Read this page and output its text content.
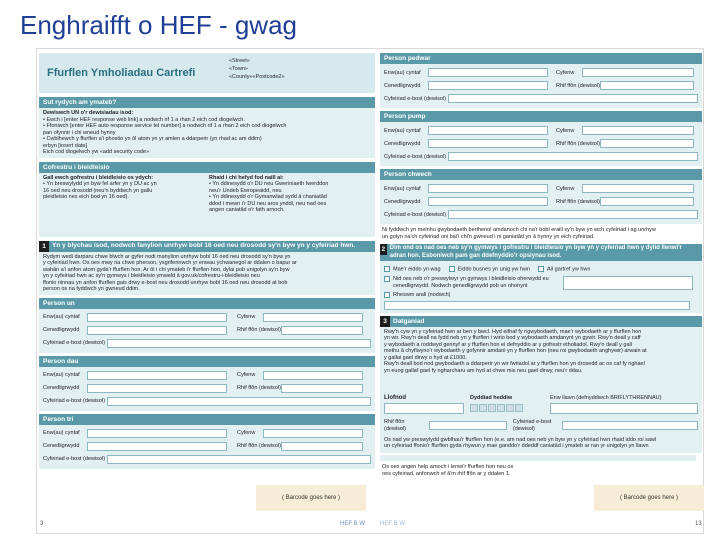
Enghraifft o HEF - gwag
Ffurflen Ymholiadau Cartrefi
«Street»
«Town»
«County»«Postcode2»
Sut rydych am ymateb?
Dewiswch UN o'r dewisiadau isod:
• Ewch i [enter HEF response web link] a nodwch rif 1 a rhan 2 eich cod diogelwch.
• Ffoniwch [enter HEF auto response service tel number] a nodwch rif 1 a rhan 2 eich cod diogelwch
pan ofynnir i chi wneud hynny
• Cwblhewch y ffurflen a'i phostio yn ôl atom yn yr amlen a ddarperir (yn rhad ac am ddim)
erbyn [insert date]
Eich cod diogelwch yw «add security code»
Cofrestru i bleidleisio
Gall ewch gofrestru i bleidleisio os ydych:
• Yn breswylydd yn byw fel arfer yn y DU ac yn
16 oed neu drosodd (neu'n byddwch yn gallu
pleidleisio nes eich bod yn 16 oed).
Rhaid i chi hefyd fod naill ai:
• Yn ddinesydd o'r DU neu Gweriniaeth Iwerddon
neu'r Undeb Ewropeaidd, neu
• Yn ddinesydd o'r Gymanwlad sydd â chaniatâd
ddod i mewn i'r DU neu aros ynddi, neu nad oes
angen caniatâd o'r fath arnoch.
1 Yn y blychau isod, nodwch fanylion unrhyw bobl 16 oed neu drosodd sy'n byw yn y cyfeiriad hwn.
Rydym wedi darparu chwe blwch ar gyfer nodi manylion unrhyw bobl 16 oed neu drosodd sy'n byw yn
y cyfeiriad hwn. Os oes mwy na chwe pherson, ysgrifennwch yr enwau ychwanegol ar ddalen o bapur ar
wahân a'i anfon atom gyda'r ffurflen hon. Ar ôl i chi ymateb i'r ffurflen hon, dylai pob unigolyn sy'n byw
yn y cyfeiriad hwn ac sy'n gymwys i bleidleisio ymweld â gov.uk/cofrestru-i-bleidleisio neu
ffonio ninnau yn anfon ffurflen gais drwy e-bost neu drosodd unrhyw bobl 16 oed neu drosodd at bob
person os na fyddwch yn gwneud ddim.
Person un
Enw(au) cyntaf	Cyfenw
Cenedligrwydd	Rhif ffôn (dewisol)
Cyfeiriad e-bost (dewisol)
Person dau
Enw(au) cyntaf	Cyfenw
Cenedligrwydd	Rhif ffôn (dewisol)
Cyfeiriad e-bost (dewisol)
Person tri
Enw(au) cyntaf	Cyfenw
Cenedligrwydd	Rhif ffôn (dewisol)
Cyfeiriad e-bost (dewisol)
Person pedwar
Enw(au) cyntaf	Cyfenw
Cenedligrwydd	Rhif ffôn (dewisol)
Cyfeiriad e-bost (dewisol)
Person pump
Enw(au) cyntaf	Cyfenw
Cenedligrwydd	Rhif ffôn (dewisol)
Cyfeiriad e-bost (dewisol)
Person chwech
Enw(au) cyntaf	Cyfenw
Cenedligrwydd	Rhif ffôn (dewisol)
Cyfeiriad e-bost (dewisol)
Ni fyddwch yn meinhu gwybodaeth berthenol amdanoch chi na'r bobl eraill sy'n byw yn eich cyfeiriad i ag unrhyw
un golyn na'ch cyfeiriad oni bai'i chi'n gwneud i ni ganiatâd yn â hynny yn eich cyfeiriad.
2 Dim ond os nad oes neb sy'n gymwys i gofrestru i bleidleisio yn byw yn y cyfeiriad hwn y dylid llenwi'r adran hon. Esboniwch pam gan ddefnyddio'r opsiynau isod.
Mae'r eiddo yn wag	Eiddo busnes yn unig yw hwn	Ail gartref yw hwn
Nid oes neb o'r preswylwyr yn gymwys i bleidleisio oherwydd eu cenedligrwydd. Nodwch genedligrwydd pob un ohonynt
Rheswm arall (nodwch)
3 Datganiad
Rwy'n cyw yn y cyfeiriad hwn ar ben y bwcl. Hyd eithaf fy ngwybodaeth, mae'r wybodaeth ar y ffurflen hon
yn wir. Rwy'n deall na fydd neb yn y ffurflen i wirio bod y wybodaeth amdanynt yn gywir. Rwy'n deall y caff
y wybodaeth a roddwyd gennyf ar y ffurflen hon ei defnyddio ar y gofrestr etholiadol. Rwy'n deall y gall
methu â chyflwyno'r wybodaeth y gofynnir amdani yn y ffurflen hon (neu roi gwybodaeth anghywir) arwain at
y gallai gael dirwy o hyd at £1000.
Rwy'n deall bod nod gwybodaeth a ddarperir yn wir fwriadol ar y ffurflen hon yn drosedd ac os caf fy nghael
yn euog gallaf gael fy ngharcharu am hyd at chwe mis neu gael dirwy, neu'r ddau.
Llofnod	Dyddiad heddiw	Enw llawn (defnyddiwch BRIFLYTHRENNAU)
Rhif ffôn (dewisol)
Cyfeiriad e-bost (dewisol)
Os nad yw preswylydd gwblhau'r ffurflen hon (e.e. am nad oes neb yn byw yn y cyfeiriad hwn rhaid iddo roi sawl
un cyfeiriad ffonio'r ffurflen gyda rhywun y mae ganddo'r ddeddf caniatâd i ymateb ar ran yr unigolyn yn llawn
Os oes angen help arnoch i lenwi'r ffurflen hon neu os
oes cyfeiriad, anfonwch ef â'm rhif ffôn ar y ddalen 1.
( Barcode goes here )	( Barcode goes here )
3	HEF B W	HEF B W	13
